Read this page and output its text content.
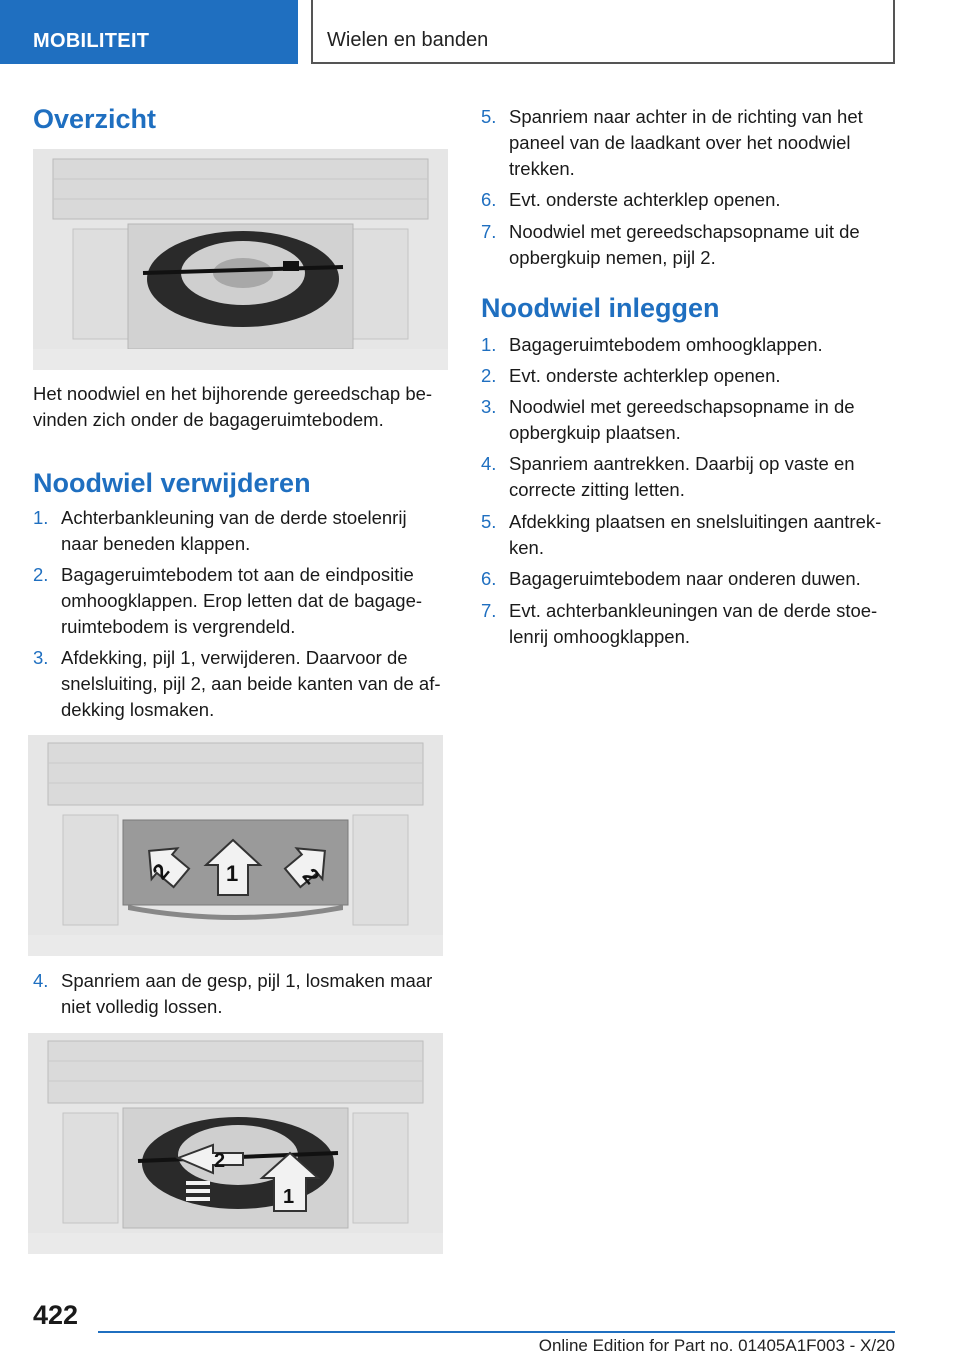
MOBILITEIT	Wielen en banden
Overzicht
Het noodwiel en het bijhorende gereedschap be-
vinden zich onder de bagageruimtebodem.
Noodwiel verwijderen
1. Achterbankleuning van de derde stoelenrij
naar beneden klappen.
2. Bagageruimtebodem tot aan de eindpositie
omhoogklappen. Erop letten dat de bagage-
ruimtebodem is vergrendeld.
3. Afdekking, pijl 1, verwijderen. Daarvoor de
snelsluiting, pijl 2, aan beide kanten van de af-
dekking losmaken.
2 1	2
4. Spanriem aan de gesp, pijl 1, losmaken maar
niet volledig lossen.
2
1
5. Spanriem naar achter in de richting van het
paneel van de laadkant over het noodwiel
trekken.
6. Evt. onderste achterklep openen.
7. Noodwiel met gereedschapsopname uit de
opbergkuip nemen, pijl 2.
Noodwiel inleggen
1. Bagageruimtebodem omhoogklappen.
2. Evt. onderste achterklep openen.
3. Noodwiel met gereedschapsopname in de
opbergkuip plaatsen.
4. Spanriem aantrekken. Daarbij op vaste en
correcte zitting letten.
5. Afdekking plaatsen en snelsluitingen aantrek-
ken.
6. Bagageruimtebodem naar onderen duwen.
7. Evt. achterbankleuningen van de derde stoe-
lenrij omhoogklappen.
422
Online Edition for Part no. 01405A1F003 - X/20
